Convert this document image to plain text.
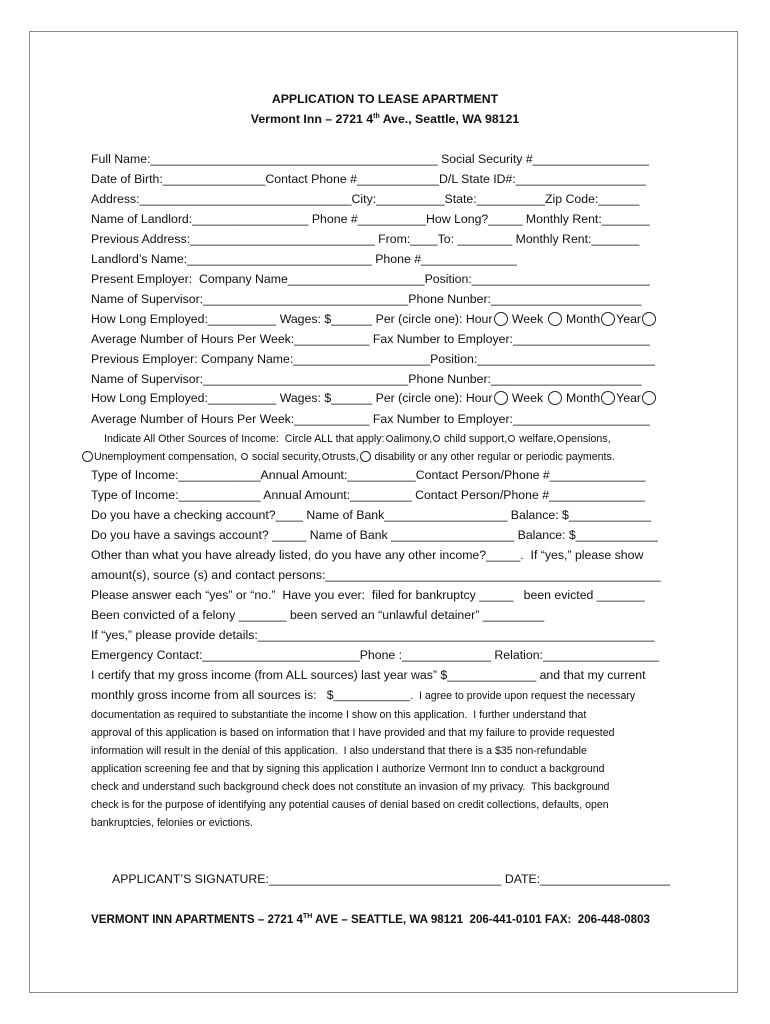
APPLICATION TO LEASE APARTMENT
Vermont Inn – 2721 4th Ave., Seattle, WA 98121
Full Name:__________________________________________ Social Security #_________________
Date of Birth:_______________Contact Phone #____________D/L State ID#:___________________
Address:_______________________________City:__________State:__________Zip Code:______
Name of Landlord:_________________ Phone #__________How Long?_____ Monthly Rent:_______
Previous Address:___________________________ From:____To: ________ Monthly Rent:_______
Landlord’s Name:___________________________ Phone #______________
Present Employer:  Company Name____________________Position:__________________________
Name of Supervisor:______________________________Phone Nunber:______________________
How Long Employed:__________ Wages: $______ Per (circle one): Hour Week Month Year
Average Number of Hours Per Week:___________ Fax Number to Employer:____________________
Previous Employer: Company Name:____________________Position:__________________________
Name of Supervisor:______________________________Phone Nunber:______________________
How Long Employed:__________ Wages: $______ Per (circle one): Hour Week Month Year
Average Number of Hours Per Week:___________ Fax Number to Employer:____________________
Indicate All Other Sources of Income:  Circle ALL that apply: alimony, child support, welfare, pensions,
Unemployment compensation, social security, trusts, disability or any other regular or periodic payments.
Type of Income:____________Annual Amount:__________Contact Person/Phone #______________
Type of Income:____________ Annual Amount:_________ Contact Person/Phone #______________
Do you have a checking account?____ Name of Bank__________________ Balance: $____________
Do you have a savings account? _____ Name of Bank __________________ Balance: $____________
Other than what you have already listed, do you have any other income?_____.  If “yes,” please show
amount(s), source (s) and contact persons:_________________________________________________
Please answer each “yes” or “no.”  Have you ever:  filed for bankruptcy _____   been evicted _______
Been convicted of a felony _______ been served an “unlawful detainer” _________
If “yes,” please provide details:__________________________________________________________
Emergency Contact:_______________________Phone :_____________ Relation:_________________
I certify that my gross income (from ALL sources) last year was” $_____________ and that my current
monthly gross income from all sources is:   $_____________.  I agree to provide upon request the necessary
documentation as required to substantiate the income I show on this application.  I further understand that
approval of this application is based on information that I have provided and that my failure to provide requested
information will result in the denial of this application.  I also understand that there is a $35 non-refundable
application screening fee and that by signing this application I authorize Vermont Inn to conduct a background
check and understand such background check does not constitute an invasion of my privacy.  This background
check is for the purpose of identifying any potential causes of denial based on credit collections, defaults, open
bankruptcies, felonies or evictions.
APPLICANT’S SIGNATURE:__________________________________ DATE:___________________
VERMONT INN APARTMENTS – 2721 4TH AVE – SEATTLE, WA 98121  206-441-0101 FAX:  206-448-0803
